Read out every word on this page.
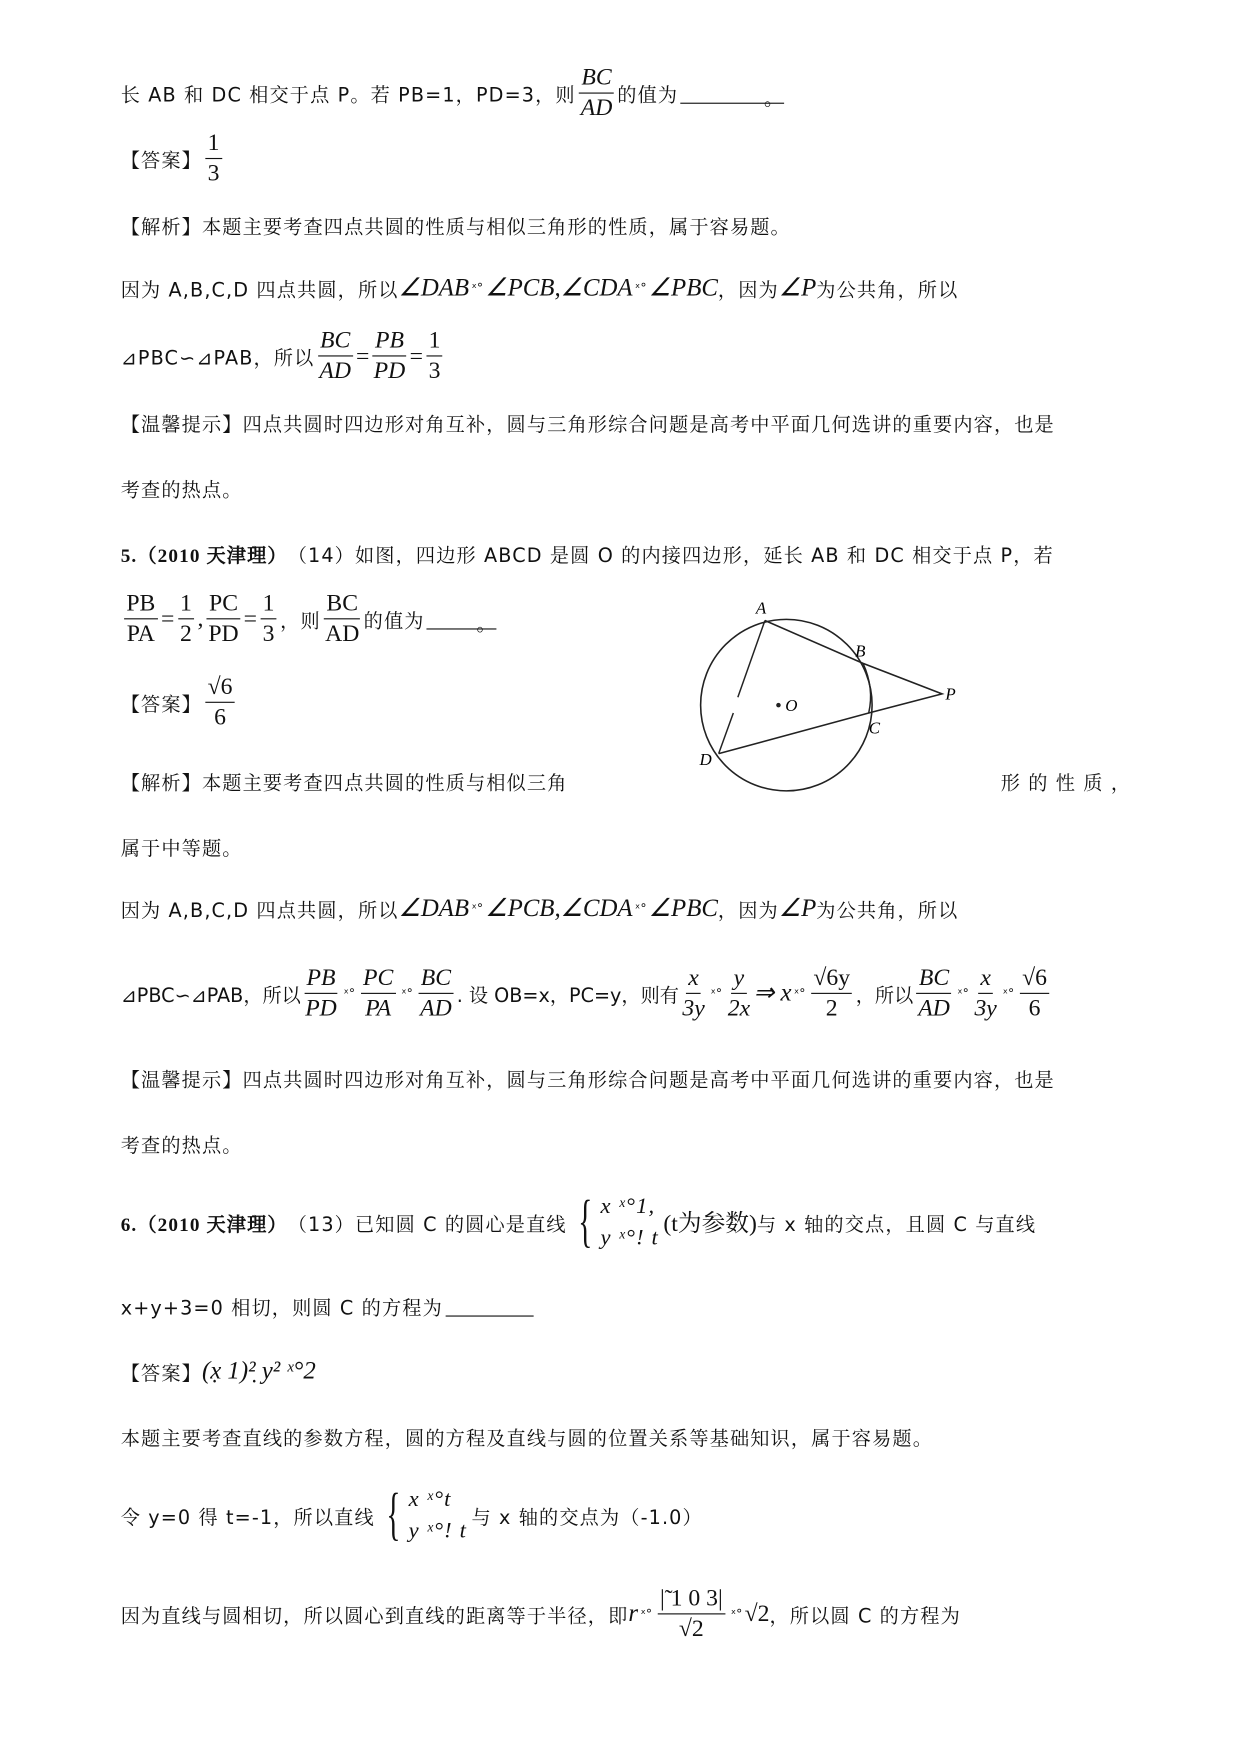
长 AB 和 DC 相交于点 P。若 PB=1，PD=3，则 $\frac{BC}{AD}$ 的值为	。
【答案】 $\frac{1}{3}$
【解析】本题主要考查四点共圆的性质与相似三角形的性质，属于容易题。
因为 A,B,C,D 四点共圆，所以 ∠DAB ˣ° ∠PCB,∠CDA ˣ° ∠PBC ，因为 ∠P 为公共角，所以
⊿PBC∽⊿PAB，所以 $\frac{BC}{AD} = \frac{PB}{PD} = \frac{1}{3}$
【温馨提示】四点共圆时四边形对角互补，圆与三角形综合问题是高考中平面几何选讲的重要内容，也是
考查的热点。
5.（2010 天津理） （14）如图，四边形 ABCD 是圆 O 的内接四边形，延长 AB 和 DC 相交于点 P，若
$\frac{PB}{PA} = \frac{1}{2}$ , $\frac{PC}{PD} = \frac{1}{3}$ ，则 $\frac{BC}{AD}$ 的值为	。
【答案】 $\frac{√6}{6}$
【解析】本题主要考查四点共圆的性质与相似三角	形 的 性 质 ，
属于中等题。
A
B
C
D
O
P
因为 A,B,C,D 四点共圆，所以 ∠DAB ˣ° ∠PCB,∠CDA ˣ° ∠PBC ，因为 ∠P 为公共角，所以
⊿PBC∽⊿PAB，所以 $\frac{PB}{PD}$ ˣ° $\frac{PC}{PA}$ ˣ° $\frac{BC}{AD}$ . 设 OB=x，PC=y，则有 $\frac{x}{3y}$ ˣ° $\frac{y}{2x}$ ⇒ x ˣ° $\frac{√6y}{2}$ ，所以 $\frac{BC}{AD}$ ˣ° $\frac{x}{3y}$ ˣ° $\frac{√6}{6}$
【温馨提示】四点共圆时四边形对角互补，圆与三角形综合问题是高考中平面几何选讲的重要内容，也是
考查的热点。
6.（2010 天津理） （13）已知圆 C 的圆心是直线 { x ˣ°1,
y ˣ°! t
(t为参数) 与 x 轴的交点，且圆 C 与直线
x+y+3=0 相切，则圆 C 的方程为
【答案】 (x̣ 1)²̣ y² ˣ°2
本题主要考查直线的参数方程，圆的方程及直线与圆的位置关系等基础知识，属于容易题。
令 y=0 得 t=-1，所以直线 { x ˣ°t
y ˣ°! t
与 x 轴的交点为（-1.0）
因为直线与圆相切，所以圆心到直线的距离等于半径，即 r ˣ° $\frac{|̃ 1 0 3|}{√2}$ ˣ° √2 ，所以圆 C 的方程为
